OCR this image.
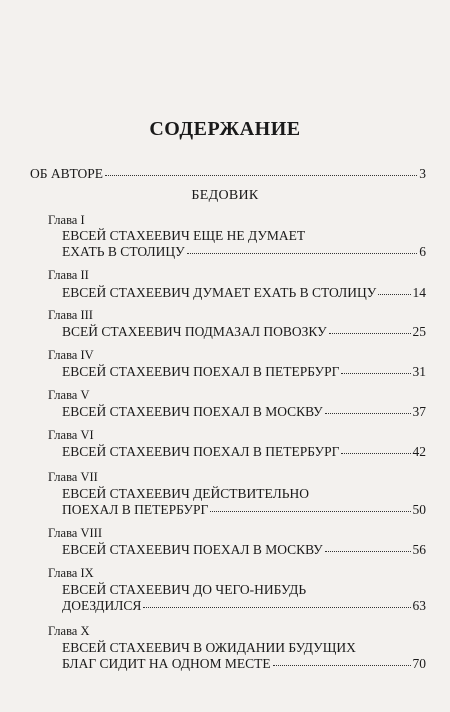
СОДЕРЖАНИЕ
ОБ АВТОРЕ	3
БЕДОВИК
Глава I
ЕВСЕЙ СТАХЕЕВИЧ ЕЩЕ НЕ ДУМАЕТ
ЕХАТЬ В СТОЛИЦУ	6
Глава II
ЕВСЕЙ СТАХЕЕВИЧ ДУМАЕТ ЕХАТЬ В СТОЛИЦУ	14
Глава III
ВСЕЙ СТАХЕЕВИЧ ПОДМАЗАЛ ПОВОЗКУ	25
Глава IV
ЕВСЕЙ СТАХЕЕВИЧ ПОЕХАЛ В ПЕТЕРБУРГ	31
Глава V
ЕВСЕЙ СТАХЕЕВИЧ ПОЕХАЛ В МОСКВУ	37
Глава VI
ЕВСЕЙ СТАХЕЕВИЧ ПОЕХАЛ В ПЕТЕРБУРГ	42
Глава VII
ЕВСЕЙ СТАХЕЕВИЧ ДЕЙСТВИТЕЛЬНО
ПОЕХАЛ В ПЕТЕРБУРГ	50
Глава VIII
ЕВСЕЙ СТАХЕЕВИЧ ПОЕХАЛ В МОСКВУ	56
Глава IX
ЕВСЕЙ СТАХЕЕВИЧ ДО ЧЕГО-НИБУДЬ
ДОЕЗДИЛСЯ	63
Глава X
ЕВСЕЙ СТАХЕЕВИЧ В ОЖИДАНИИ БУДУЩИХ
БЛАГ СИДИТ НА ОДНОМ МЕСТЕ	70
